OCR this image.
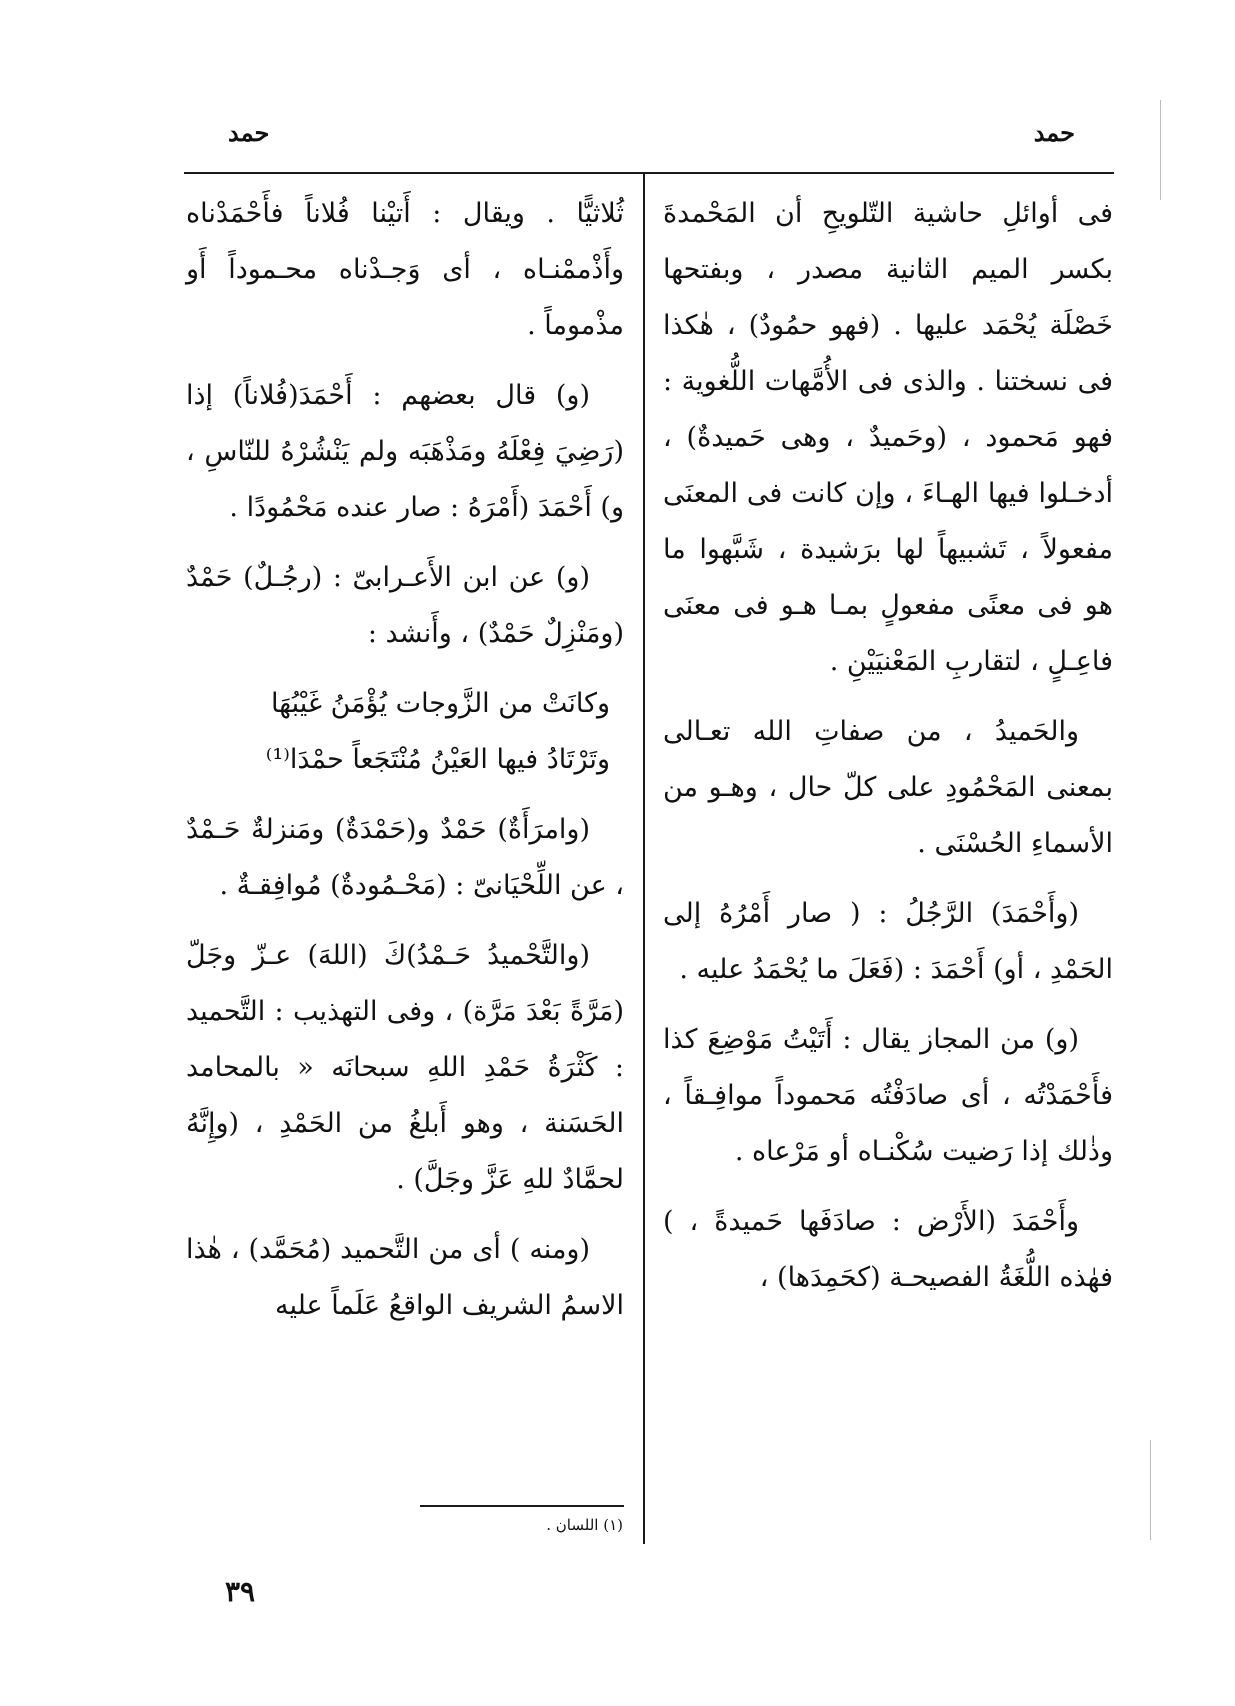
حمد
حمد

فى أوائلِ حاشية التّلويحِ أن المَحْمدةَ بكسر الميم الثانية مصدر ، وبفتحها خَصْلَة يُحْمَد عليها . (فهو حمُودٌ) ، هٰكذا فى نسختنا . والذى فى الأُمَّهات اللُّغوية : فهو مَحمود ، (وحَميدٌ ، وهى حَميدةٌ) ، أدخـلوا فيها الهـاءَ ، وإن كانت فى المعنَى مفعولاً ، تَشبيهاً لها برَشيدة ، شَبَّهوا ما هو فى معنًى مفعولٍ بمـا هـو فى معنَى فاعِـلٍ ، لتقاربِ المَعْنيَيْنِ .

والحَميدُ ، من صفاتِ الله تعـالى بمعنى المَحْمُودِ على كلّ حال ، وهـو من الأسماءِ الحُسْنَى .

(وأَحْمَدَ) الرَّجُلُ : ( صار أَمْرُهُ إلى الحَمْدِ ، أو) أَحْمَدَ : (فَعَلَ ما يُحْمَدُ عليه .

(و) من المجاز يقال : أَتَيْتُ مَوْضِعَ كذا فأَحْمَدْتُه ، أى صادَفْتُه مَحموداً موافِـقاً ، وذٰلك إذا رَضيت سُكْنـاه أو مَرْعاه .

وأَحْمَدَ (الأَرْض : صادَفَها حَميدةً ، ) فهٰذه اللُّغَةُ الفصيحـة (كحَمِدَها) ،

ثُلاثيًّا . ويقال : أَتيْنا فُلاناً فأَحْمَدْناه وأَذْممْنـاه ، أى وَجـدْناه محـموداً أَو مذْموماً .

(و) قال بعضهم : أَحْمَدَ(فُلاناً) إذا (رَضِيَ فِعْلَهُ ومَذْهَبَه ولم يَنْشُرْهُ للنّاسِ ، و) أَحْمَدَ (أَمْرَهُ : صار عنده مَحْمُودًا .

(و) عن ابن الأَعـرابىّ : (رجُـلٌ) حَمْدٌ (ومَنْزِلٌ حَمْدٌ) ، وأَنشد :

وكانَتْ من الزَّوجات يُؤْمَنُ غَيْبُهَا

وتَرْتَادُ فيها العَيْنُ مُنْتَجَعاً حمْدَا⁽¹⁾

(وامرَأَةٌ) حَمْدٌ و(حَمْدَةٌ) ومَنزلةٌ حَـمْدٌ ، عن اللِّحْيَانىّ : (مَحْـمُودةٌ) مُوافِقـةٌ .

(والتَّحْميدُ حَـمْدُ)كَ (اللهَ) عـزّ وجَلّ (مَرَّةً بَعْدَ مَرَّة) ، وفى التهذيب : التَّحميد : كَثْرَةُ حَمْدِ اللهِ سبحانَه « بالمحامد الحَسَنة ، وهو أَبلغُ من الحَمْدِ ، (وإِنَّهُ لحمَّادٌ للهِ عَزَّ وجَلَّ) .

(ومنه ) أى من التَّحميد (مُحَمَّد) ، هٰذا الاسمُ الشريف الواقعُ عَلَماً عليه

(١) اللسان .
٣٩
